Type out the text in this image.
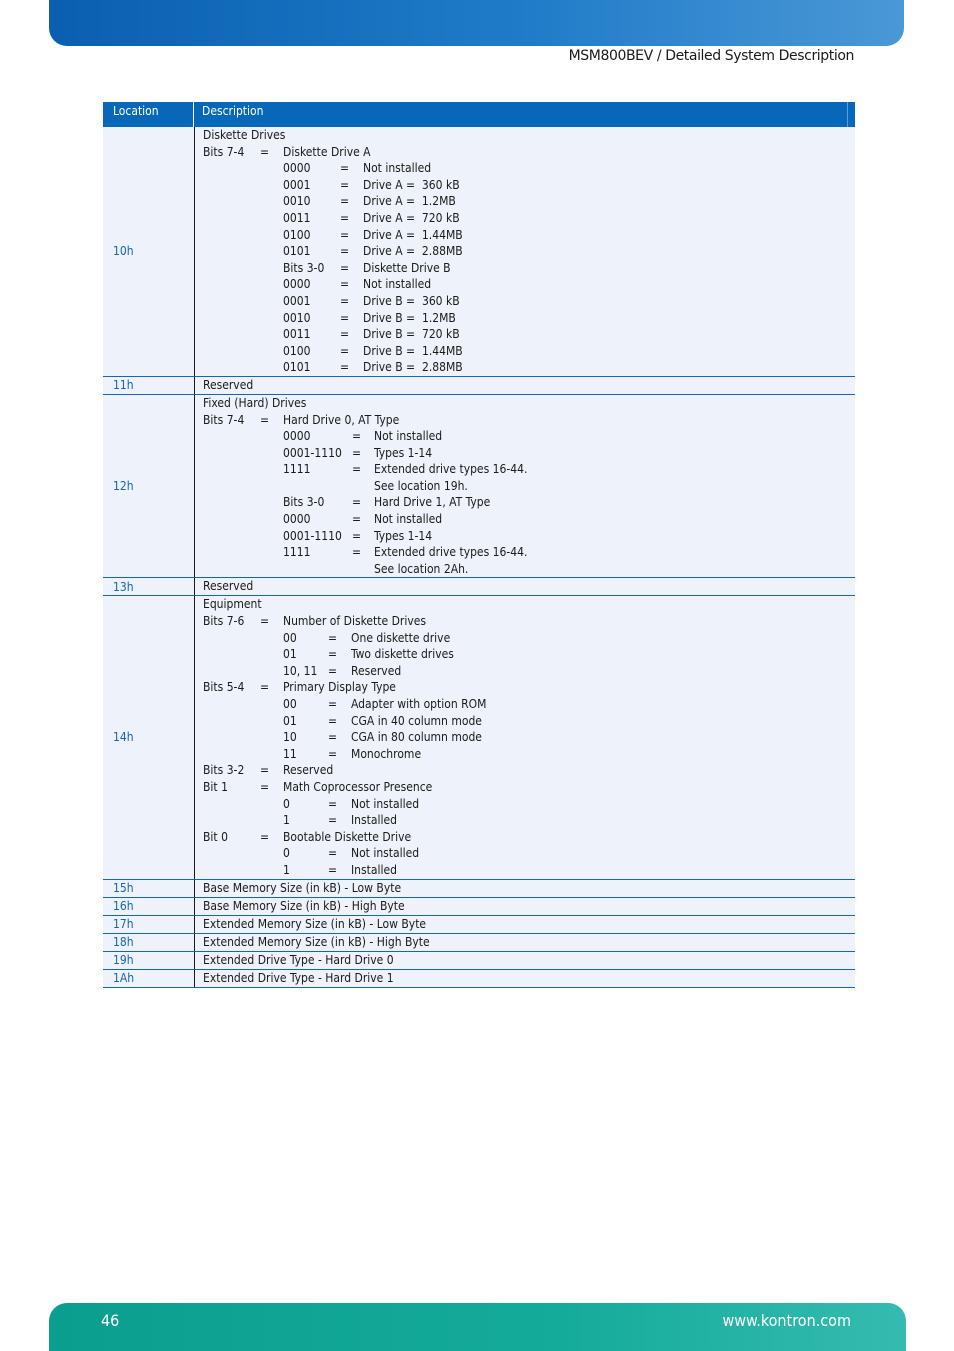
MSM800BEV / Detailed System Description
Location	Description
10h
Diskette Drives
Bits 7-4 = Diskette Drive A
0000 = Not installed
0001 = Drive A =  360 kB
0010 = Drive A =  1.2MB
0011 = Drive A =  720 kB
0100 = Drive A =  1.44MB
0101 = Drive A =  2.88MB
Bits 3-0 = Diskette Drive B
0000 = Not installed
0001 = Drive B =  360 kB
0010 = Drive B =  1.2MB
0011 = Drive B =  720 kB
0100 = Drive B =  1.44MB
0101 = Drive B =  2.88MB
11h	Reserved
12h
Fixed (Hard) Drives
Bits 7-4 = Hard Drive 0, AT Type
0000	= Not installed
0001-1110 = Types 1-14
1111	= Extended drive types 16-44.
See location 19h.
Bits 3-0 = Hard Drive 1, AT Type
0000	= Not installed
0001-1110 = Types 1-14
1111	= Extended drive types 16-44.
See location 2Ah.
13h	Reserved
14h
Equipment
Bits 7-6 = Number of Diskette Drives
00	= One diskette drive
01	= Two diskette drives
10, 11 = Reserved
Bits 5-4 = Primary Display Type
00	= Adapter with option ROM
01	= CGA in 40 column mode
10	= CGA in 80 column mode
11	= Monochrome
Bits 3-2 = Reserved
Bit 1	= Math Coprocessor Presence
0	= Not installed
1	= Installed
Bit 0	= Bootable Diskette Drive
0	= Not installed
1	= Installed
15h	Base Memory Size (in kB) - Low Byte
16h	Base Memory Size (in kB) - High Byte
17h	Extended Memory Size (in kB) - Low Byte
18h	Extended Memory Size (in kB) - High Byte
19h	Extended Drive Type - Hard Drive 0
1Ah	Extended Drive Type - Hard Drive 1
46	www.kontron.com
